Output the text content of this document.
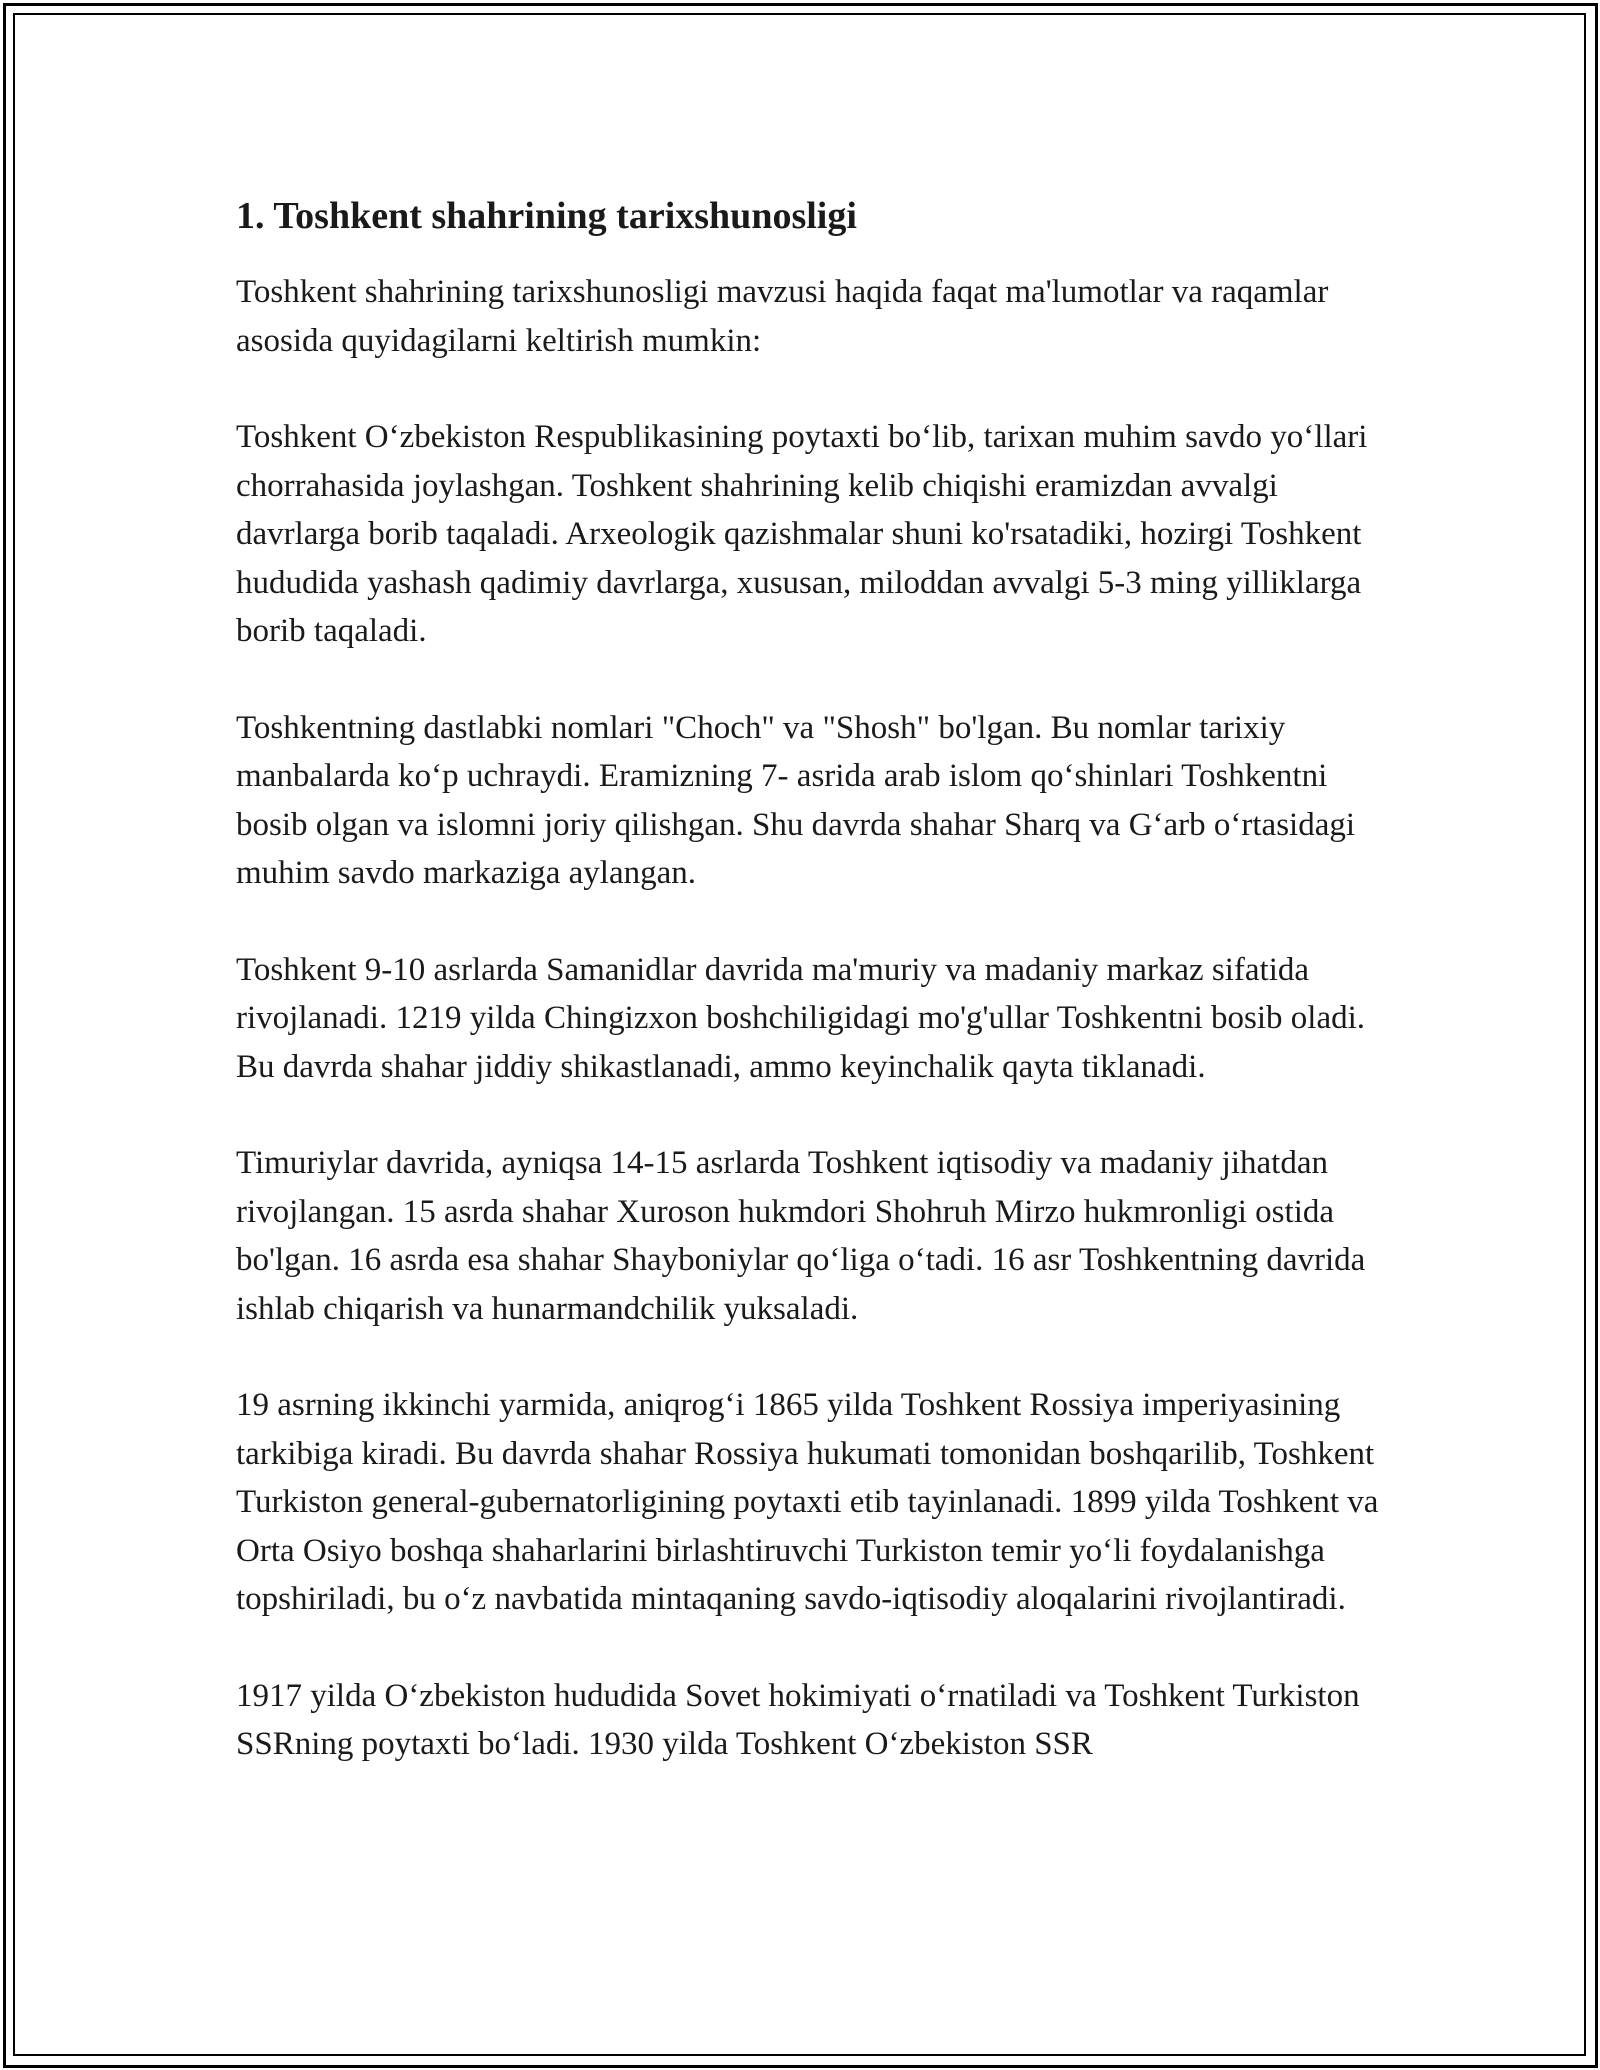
1. Toshkent shahrining tarixshunosligi

Toshkent shahrining tarixshunosligi mavzusi haqida faqat ma'lumotlar va raqamlar asosida quyidagilarni keltirish mumkin:

Toshkent O‘zbekiston Respublikasining poytaxti bo‘lib, tarixan muhim savdo yo‘llari chorrahasida joylashgan. Toshkent shahrining kelib chiqishi eramizdan avvalgi davrlarga borib taqaladi. Arxeologik qazishmalar shuni ko'rsatadiki, hozirgi Toshkent hududida yashash qadimiy davrlarga, xususan, miloddan avvalgi 5-3 ming yilliklarga borib taqaladi.

Toshkentning dastlabki nomlari "Choch" va "Shosh" bo'lgan. Bu nomlar tarixiy manbalarda ko‘p uchraydi. Eramizning 7- asrida arab islom qo‘shinlari Toshkentni bosib olgan va islomni joriy qilishgan. Shu davrda shahar Sharq va G‘arb o‘rtasidagi muhim savdo markaziga aylangan.

Toshkent 9-10 asrlarda Samanidlar davrida ma'muriy va madaniy markaz sifatida rivojlanadi. 1219 yilda Chingizxon boshchiligidagi mo'g'ullar Toshkentni bosib oladi. Bu davrda shahar jiddiy shikastlanadi, ammo keyinchalik qayta tiklanadi.

Timuriylar davrida, ayniqsa 14-15 asrlarda Toshkent iqtisodiy va madaniy jihatdan rivojlangan. 15 asrda shahar Xuroson hukmdori Shohruh Mirzo hukmronligi ostida bo'lgan. 16 asrda esa shahar Shayboniylar qo‘liga o‘tadi. 16 asr Toshkentning davrida ishlab chiqarish va hunarmandchilik yuksaladi.

19 asrning ikkinchi yarmida, aniqrog‘i 1865 yilda Toshkent Rossiya imperiyasining tarkibiga kiradi. Bu davrda shahar Rossiya hukumati tomonidan boshqarilib, Toshkent Turkiston general-gubernatorligining poytaxti etib tayinlanadi. 1899 yilda Toshkent va Orta Osiyo boshqa shaharlarini birlashtiruvchi Turkiston temir yo‘li foydalanishga topshiriladi, bu o‘z navbatida mintaqaning savdo-iqtisodiy aloqalarini rivojlantiradi.

1917 yilda O‘zbekiston hududida Sovet hokimiyati o‘rnatiladi va Toshkent Turkiston SSRning poytaxti bo‘ladi. 1930 yilda Toshkent O‘zbekiston SSR
